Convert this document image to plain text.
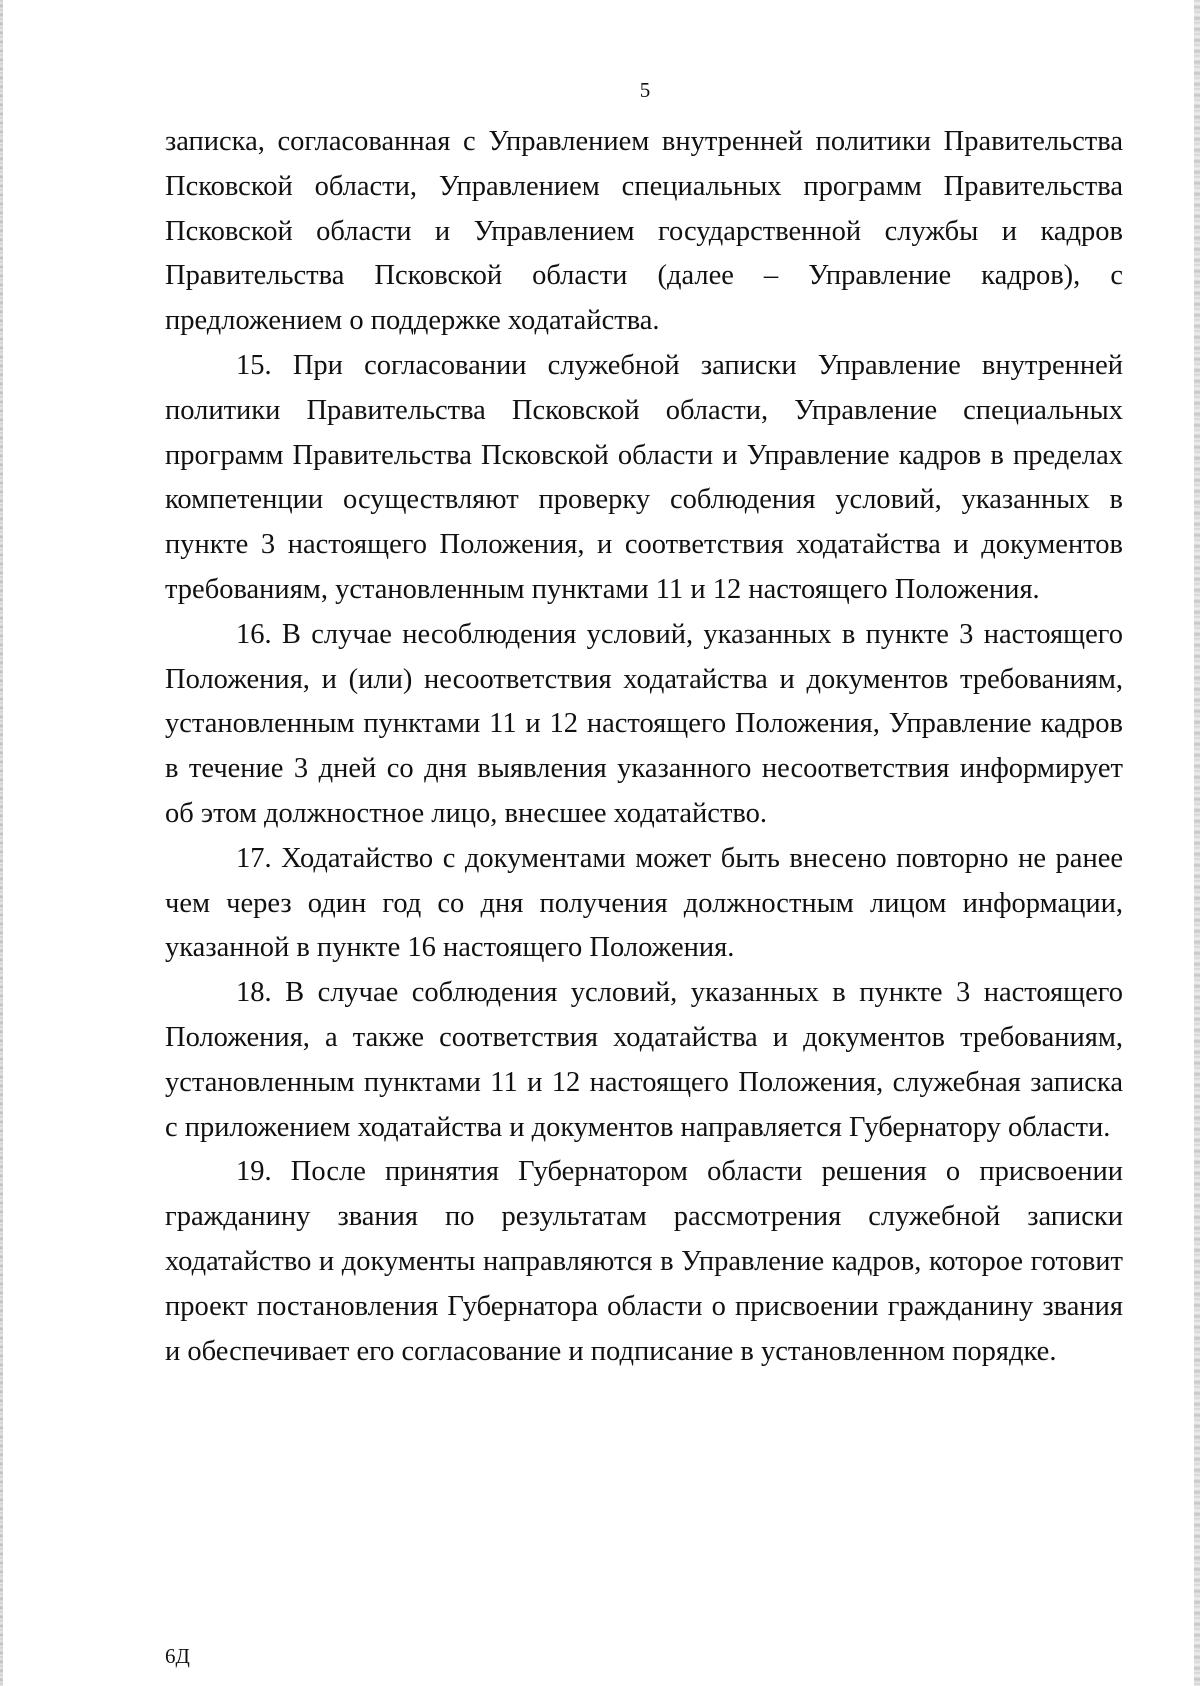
5

записка, согласованная с Управлением внутренней политики Правительства Псковской области, Управлением специальных программ Правительства Псковской области и Управлением государственной службы и кадров Правительства Псковской области (далее – Управление кадров), с предложением о поддержке ходатайства.

15. При согласовании служебной записки Управление внутренней политики Правительства Псковской области, Управление специальных программ Правительства Псковской области и Управление кадров в пределах компетенции осуществляют проверку соблюдения условий, указанных в пункте 3 настоящего Положения, и соответствия ходатайства и документов требованиям, установленным пунктами 11 и 12 настоящего Положения.

16. В случае несоблюдения условий, указанных в пункте 3 настоящего Положения, и (или) несоответствия ходатайства и документов требованиям, установленным пунктами 11 и 12 настоящего Положения, Управление кадров в течение 3 дней со дня выявления указанного несоответствия информирует об этом должностное лицо, внесшее ходатайство.

17. Ходатайство с документами может быть внесено повторно не ранее чем через один год со дня получения должностным лицом информации, указанной в пункте 16 настоящего Положения.

18. В случае соблюдения условий, указанных в пункте 3 настоящего Положения, а также соответствия ходатайства и документов требованиям, установленным пунктами 11 и 12 настоящего Положения, служебная записка с приложением ходатайства и документов направляется Губернатору области.

19. После принятия Губернатором области решения о присвоении гражданину звания по результатам рассмотрения служебной записки ходатайство и документы направляются в Управление кадров, которое готовит проект постановления Губернатора области о присвоении гражданину звания и обеспечивает его согласование и подписание в установленном порядке.

6Д
